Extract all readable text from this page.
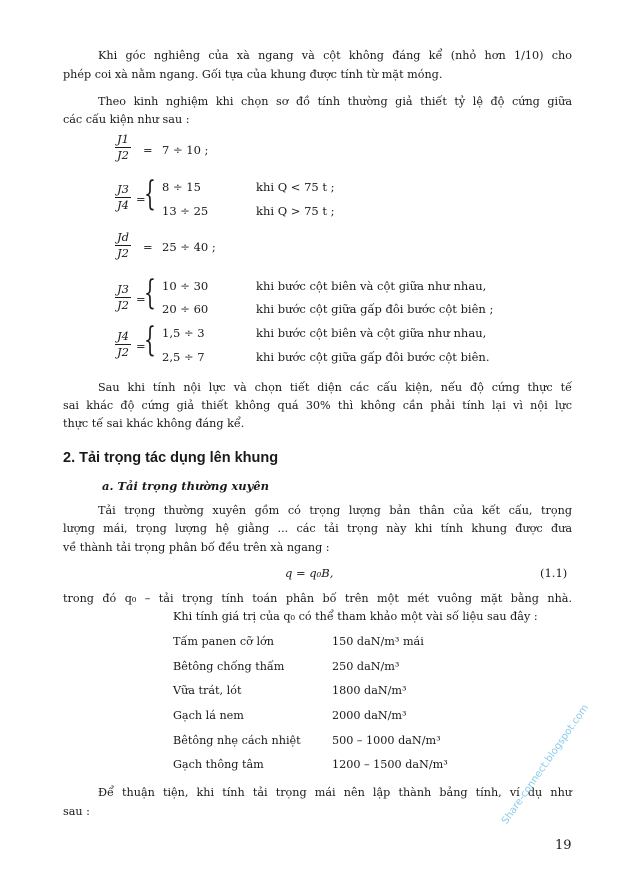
Khi góc nghiêng của xà ngang và cột không đáng kể (nhỏ hơn 1/10) cho
phép coi xà nằm ngang. Gối tựa của khung được tính từ mặt móng.
Theo kinh nghiệm khi chọn sơ đồ tính thường giả thiết tỷ lệ độ cứng giữa
các cấu kiện như sau :
$\frac{J1}{J2} = 7 \div 10$ ;
$\frac{J3}{J4}$ =
{ 8 ÷ 15	khi Q < 75 t ;
13 ÷ 25	khi Q > 75 t ;
$\frac{Jd}{J2} = 25 \div 40$ ;
$\frac{J3}{J2}$ =
{ 10 ÷ 30	khi bước cột biên và cột giữa như nhau,
20 ÷ 60	khi bước cột giữa gấp đôi bước cột biên ;
$\frac{J4}{J2}$ =
{ 1,5 ÷ 3	khi bước cột biên và cột giữa như nhau,
2,5 ÷ 7	khi bước cột giữa gấp đôi bước cột biên.
Sau khi tính nội lực và chọn tiết diện các cấu kiện, nếu độ cứng thực tế
sai khác độ cứng giả thiết không quá 30% thì không cần phải tính lại vì nội lực
thực tế sai khác không đáng kể.
2. Tải trọng tác dụng lên khung
a. Tải trọng thường xuyên
Tải trọng thường xuyên gồm có trọng lượng bản thân của kết cấu, trọng
lượng mái, trọng lượng hệ giằng ... các tải trọng này khi tính khung được đưa
về thành tải trọng phân bố đều trên xà ngang :
q = q₀B,	(1.1)
trong đó q₀ – tải trọng tính toán phân bố trên một mét vuông mặt bằng nhà.
Khi tính giá trị của q₀ có thể tham khảo một vài số liệu sau đây :
Tấm panen cỡ lớn	150 daN/m³ mái
Bêtông chống thấm	250 daN/m³
Vữa trát, lót	1800 daN/m³
Gạch lá nem	2000 daN/m³
Bêtông nhẹ cách nhiệt	500 – 1000 daN/m³
Gạch thông tâm	1200 – 1500 daN/m³
Để thuận tiện, khi tính tải trọng mái nên lập thành bảng tính, ví dụ như
sau :
19
Share-connect.blogspot.com
